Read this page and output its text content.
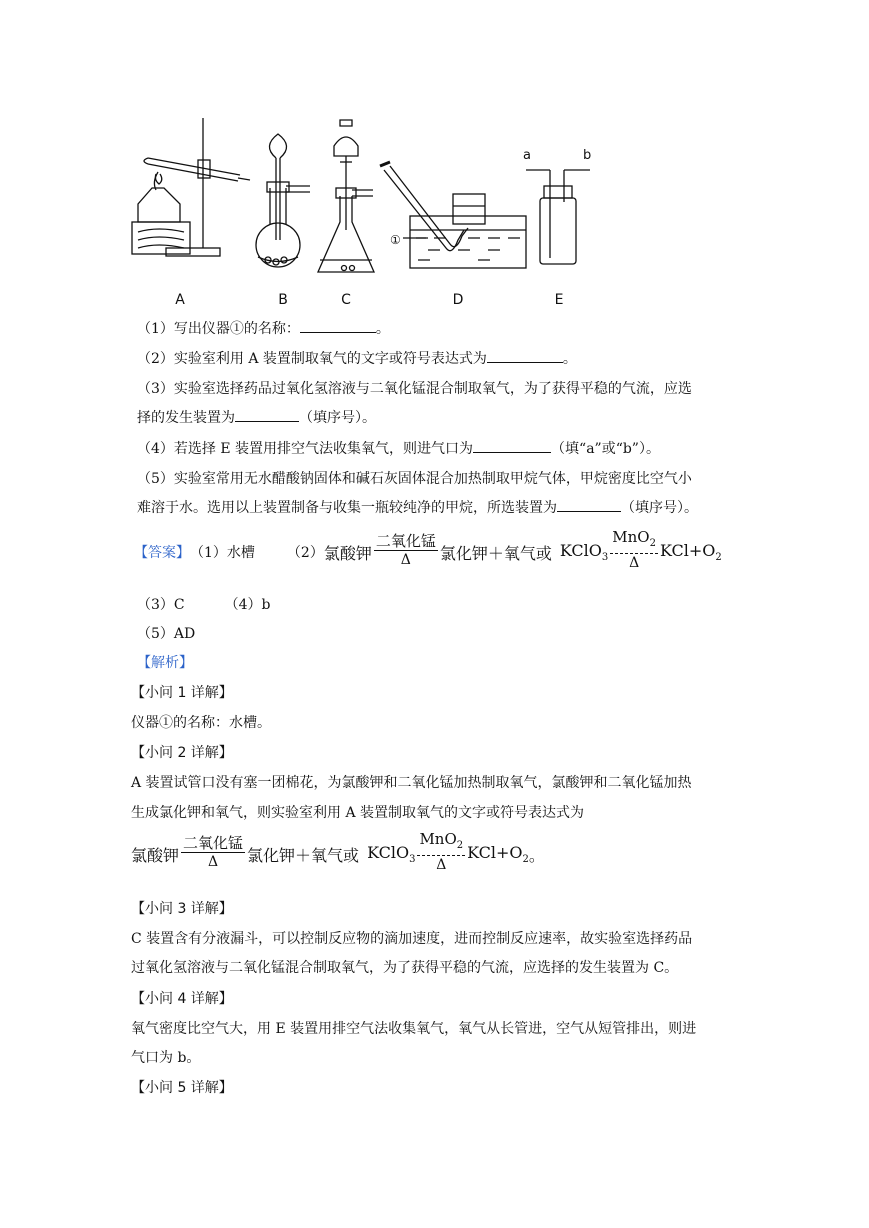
a	b
①
A	B	C	D	E
（1）写出仪器①的名称：	。
（2）实验室利用 A 装置制取氧气的文字或符号表达式为	。
（3）实验室选择药品过氧化氢溶液与二氧化锰混合制取氧气，为了获得平稳的气流，应选
择的发生装置为	（填序号）。
（4）若选择 E 装置用排空气法收集氧气，则进气口为	（填“a”或“b”）。
（5）实验室常用无水醋酸钠固体和碱石灰固体混合加热制取甲烷气体，甲烷密度比空气小
难溶于水。选用以上装置制备与收集一瓶较纯净的甲烷，所选装置为	（填序号）。
【答案】 （1）水槽 （2） 氯酸钾
二氧化锰
Δ 氯化钾＋氧气 或 KClO$_3$
MnO$_2$
Δ
$KCl+O_2$
（3）C	（4）b
（5）AD
【解析】
【小问 1 详解】
仪器①的名称：水槽。
【小问 2 详解】
A 装置试管口没有塞一团棉花，为氯酸钾和二氧化锰加热制取氧气，氯酸钾和二氧化锰加热
生成氯化钾和氧气，则实验室利用 A 装置制取氧气的文字或符号表达式为
氯酸钾
二氧化锰
Δ 氯化钾＋氧气 或 KClO$_3$
MnO$_2$
Δ
$KCl+O_2$ 。
【小问 3 详解】
C 装置含有分液漏斗，可以控制反应物的滴加速度，进而控制反应速率，故实验室选择药品
过氧化氢溶液与二氧化锰混合制取氧气，为了获得平稳的气流，应选择的发生装置为 C。
【小问 4 详解】
氧气密度比空气大，用 E 装置用排空气法收集氧气，氧气从长管进，空气从短管排出，则进
气口为 b。
【小问 5 详解】
